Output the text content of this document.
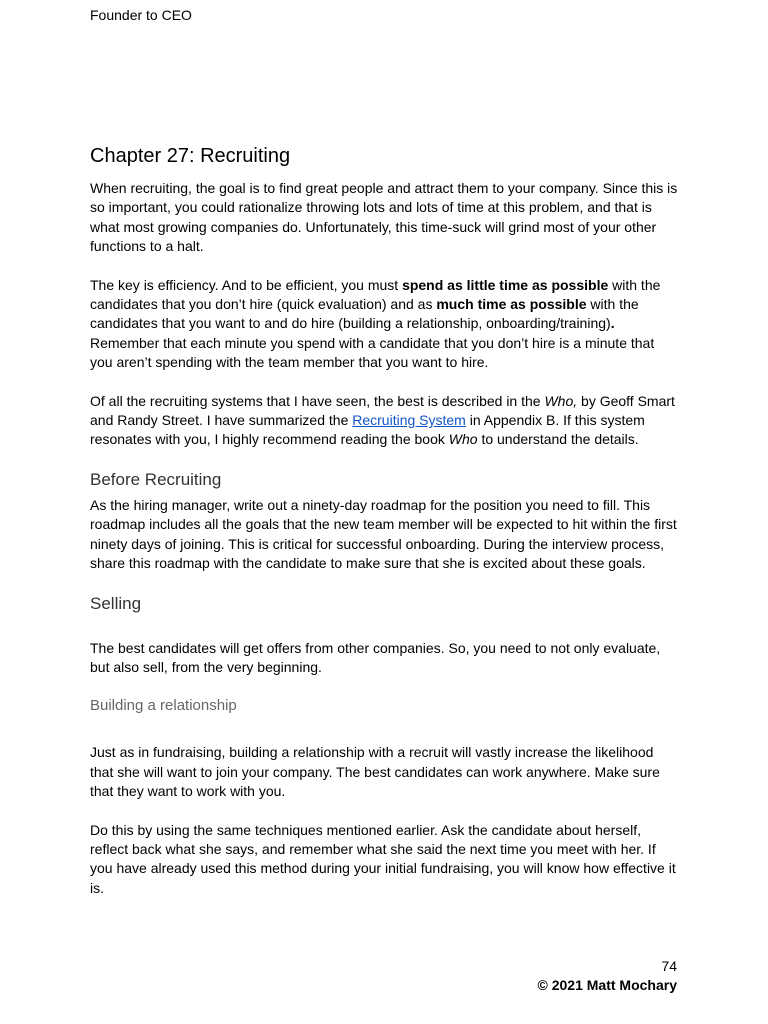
Founder to CEO
Chapter 27: Recruiting

When recruiting, the goal is to find great people and attract them to your company. Since this is so important, you could rationalize throwing lots and lots of time at this problem, and that is what most growing companies do. Unfortunately, this time-suck will grind most of your other functions to a halt.

The key is efficiency. And to be efficient, you must spend as little time as possible with the candidates that you don’t hire (quick evaluation) and as much time as possible with the candidates that you want to and do hire (building a relationship, onboarding/training). Remember that each minute you spend with a candidate that you don’t hire is a minute that you aren’t spending with the team member that you want to hire.

Of all the recruiting systems that I have seen, the best is described in the Who, by Geoff Smart and Randy Street. I have summarized the Recruiting System in Appendix B. If this system resonates with you, I highly recommend reading the book Who to understand the details.

Before Recruiting

As the hiring manager, write out a ninety-day roadmap for the position you need to fill. This roadmap includes all the goals that the new team member will be expected to hit within the first ninety days of joining. This is critical for successful onboarding. During the interview process, share this roadmap with the candidate to make sure that she is excited about these goals.

Selling

The best candidates will get offers from other companies. So, you need to not only evaluate, but also sell, from the very beginning.

Building a relationship

Just as in fundraising, building a relationship with a recruit will vastly increase the likelihood that she will want to join your company. The best candidates can work anywhere. Make sure that they want to work with you.

Do this by using the same techniques mentioned earlier. Ask the candidate about herself, reflect back what she says, and remember what she said the next time you meet with her. If you have already used this method during your initial fundraising, you will know how effective it is.

74
© 2021 Matt Mochary
